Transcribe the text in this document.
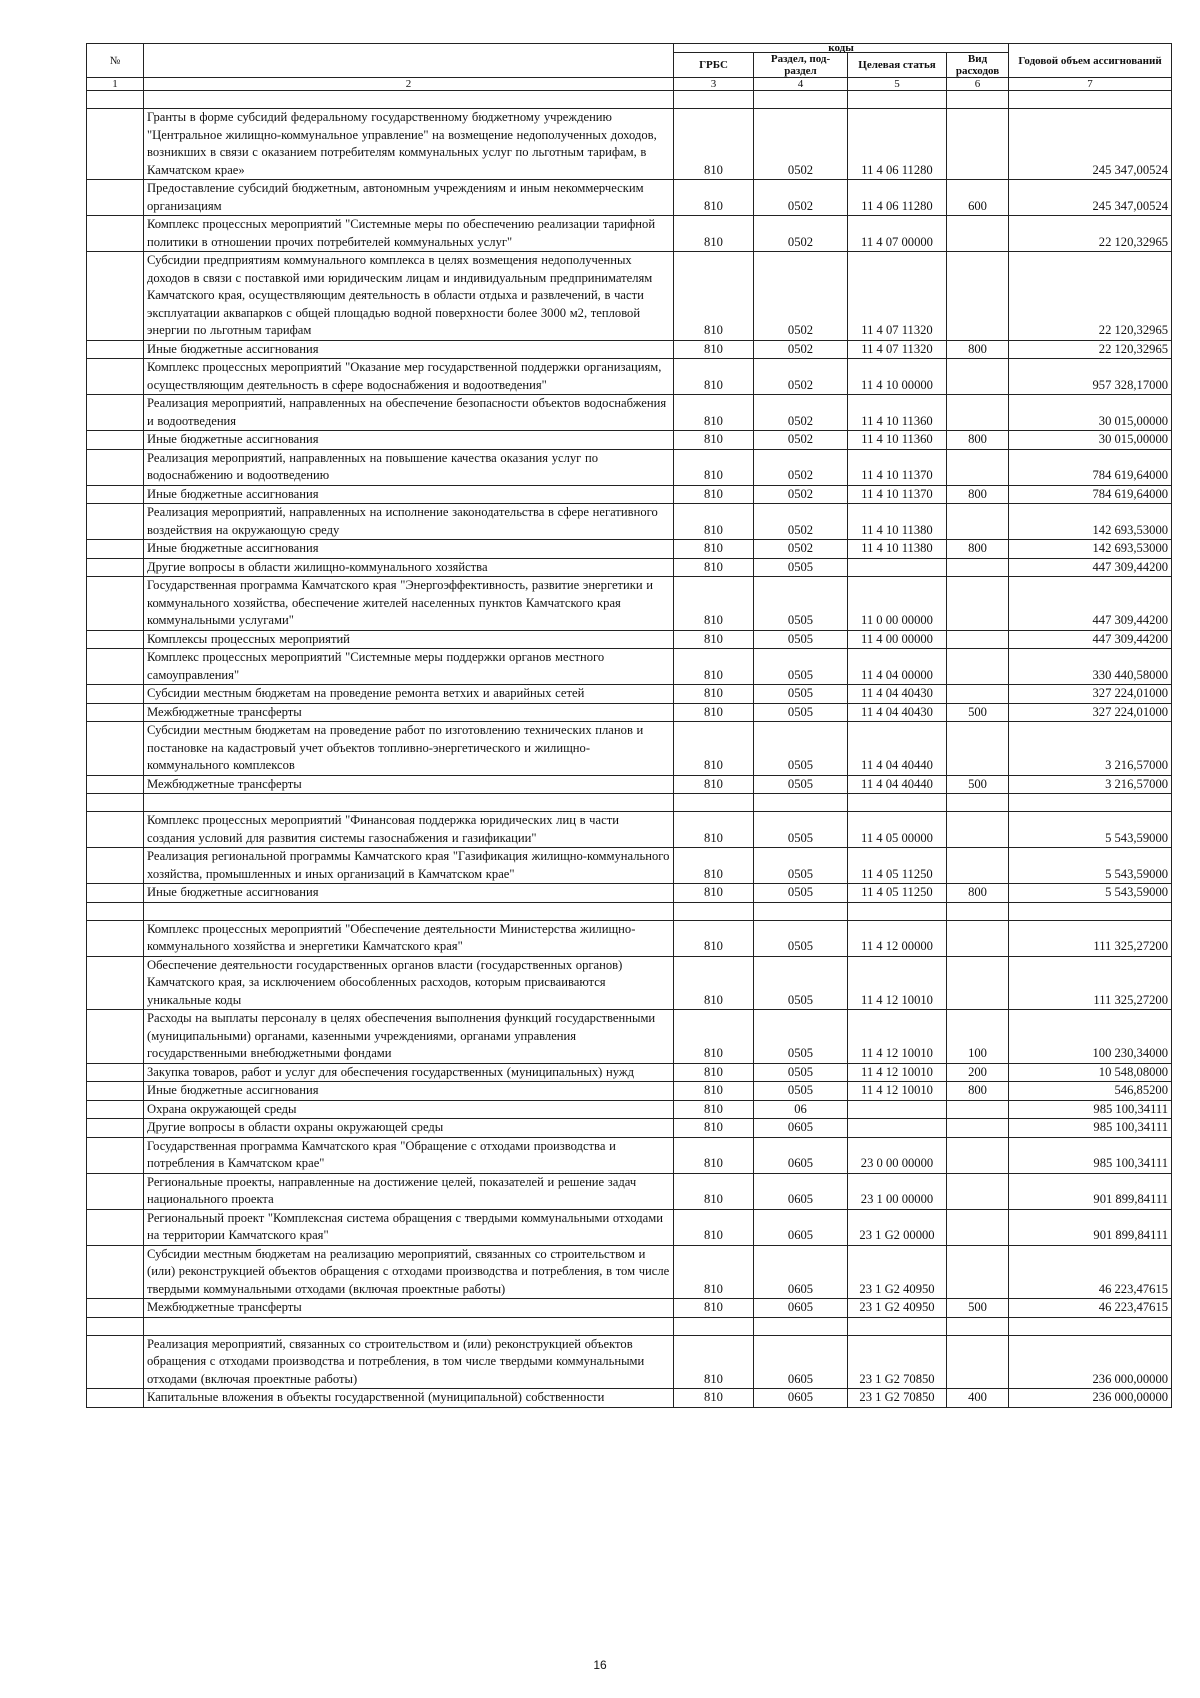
№		коды				Годовой объем ассигнований
		ГРБС	Раздел, под-раздел	Целевая статья	Вид расходов	
1	2	3	4	5	6	7

	Гранты в форме субсидий федеральному государственному бюджетному учреждению "Центральное жилищно-коммунальное управление" на возмещение недополученных доходов, возникших в связи с оказанием потребителям коммунальных услуг по льготным тарифам, в Камчатском крае»	810	0502	11 4 06 11280		245 347,00524
	Предоставление субсидий бюджетным, автономным учреждениям и иным некоммерческим организациям	810	0502	11 4 06 11280	600	245 347,00524
	Комплекс процессных мероприятий "Системные меры по обеспечению реализации тарифной политики в отношении прочих потребителей коммунальных услуг"	810	0502	11 4 07 00000		22 120,32965
	Субсидии предприятиям коммунального комплекса в целях возмещения недополученных доходов в связи с поставкой ими юридическим лицам и индивидуальным предпринимателям Камчатского края, осуществляющим деятельность в области отдыха и развлечений, в части эксплуатации аквапарков с общей площадью водной поверхности более 3000 м2, тепловой энергии по льготным тарифам	810	0502	11 4 07 11320		22 120,32965
	Иные бюджетные ассигнования	810	0502	11 4 07 11320	800	22 120,32965
	Комплекс процессных мероприятий "Оказание мер государственной поддержки организациям, осуществляющим деятельность в сфере водоснабжения и водоотведения"	810	0502	11 4 10 00000		957 328,17000
	Реализация мероприятий, направленных на обеспечение безопасности объектов водоснабжения и водоотведения	810	0502	11 4 10 11360		30 015,00000
	Иные бюджетные ассигнования	810	0502	11 4 10 11360	800	30 015,00000
	Реализация мероприятий, направленных на повышение качества оказания услуг по водоснабжению и водоотведению	810	0502	11 4 10 11370		784 619,64000
	Иные бюджетные ассигнования	810	0502	11 4 10 11370	800	784 619,64000
	Реализация мероприятий, направленных на исполнение законодательства в сфере негативного воздействия на окружающую среду	810	0502	11 4 10 11380		142 693,53000
	Иные бюджетные ассигнования	810	0502	11 4 10 11380	800	142 693,53000
	Другие вопросы в области жилищно-коммунального хозяйства	810	0505			447 309,44200
	Государственная программа Камчатского края "Энергоэффективность, развитие энергетики и коммунального хозяйства, обеспечение жителей населенных пунктов Камчатского края коммунальными услугами"	810	0505	11 0 00 00000		447 309,44200
	Комплексы процессных мероприятий	810	0505	11 4 00 00000		447 309,44200
	Комплекс процессных мероприятий "Системные меры поддержки органов местного самоуправления"	810	0505	11 4 04 00000		330 440,58000
	Субсидии местным бюджетам на проведение ремонта ветхих и аварийных сетей	810	0505	11 4 04 40430		327 224,01000
	Межбюджетные трансферты	810	0505	11 4 04 40430	500	327 224,01000
	Субсидии местным бюджетам на проведение работ по изготовлению технических планов и постановке на кадастровый учет объектов топливно-энергетического и жилищно-коммунального комплексов	810	0505	11 4 04 40440		3 216,57000
	Межбюджетные трансферты	810	0505	11 4 04 40440	500	3 216,57000

	Комплекс процессных мероприятий "Финансовая поддержка юридических лиц в части создания условий для развития системы газоснабжения и газификации"	810	0505	11 4 05 00000		5 543,59000
	Реализация региональной программы Камчатского края "Газификация жилищно-коммунального хозяйства, промышленных и иных организаций в Камчатском крае"	810	0505	11 4 05 11250		5 543,59000
	Иные бюджетные ассигнования	810	0505	11 4 05 11250	800	5 543,59000

	Комплекс процессных мероприятий "Обеспечение деятельности Министерства жилищно-коммунального хозяйства и энергетики Камчатского края"	810	0505	11 4 12 00000		111 325,27200
	Обеспечение деятельности государственных органов власти (государственных органов) Камчатского края, за исключением обособленных расходов, которым присваиваются уникальные коды	810	0505	11 4 12 10010		111 325,27200
	Расходы на выплаты персоналу в целях обеспечения выполнения функций государственными (муниципальными) органами, казенными учреждениями, органами управления государственными внебюджетными фондами	810	0505	11 4 12 10010	100	100 230,34000
	Закупка товаров, работ и услуг для обеспечения государственных (муниципальных) нужд	810	0505	11 4 12 10010	200	10 548,08000
	Иные бюджетные ассигнования	810	0505	11 4 12 10010	800	546,85200
	Охрана окружающей среды	810	06			985 100,34111
	Другие вопросы в области охраны окружающей среды	810	0605			985 100,34111
	Государственная программа Камчатского края "Обращение с отходами производства и потребления в Камчатском крае"	810	0605	23 0 00 00000		985 100,34111
	Региональные проекты, направленные на достижение целей, показателей и решение задач национального проекта	810	0605	23 1 00 00000		901 899,84111
	Региональный проект "Комплексная система обращения с твердыми коммунальными отходами на территории Камчатского края"	810	0605	23 1 G2 00000		901 899,84111
	Субсидии местным бюджетам на реализацию мероприятий, связанных со строительством и (или) реконструкцией объектов обращения с отходами производства и потребления, в том числе твердыми коммунальными отходами (включая проектные работы)	810	0605	23 1 G2 40950		46 223,47615
	Межбюджетные трансферты	810	0605	23 1 G2 40950	500	46 223,47615

	Реализация мероприятий, связанных со строительством и (или) реконструкцией объектов обращения с отходами производства и потребления, в том числе твердыми коммунальными отходами (включая проектные работы)	810	0605	23 1 G2 70850		236 000,00000
	Капитальные вложения в объекты государственной (муниципальной) собственности	810	0605	23 1 G2 70850	400	236 000,00000
16
